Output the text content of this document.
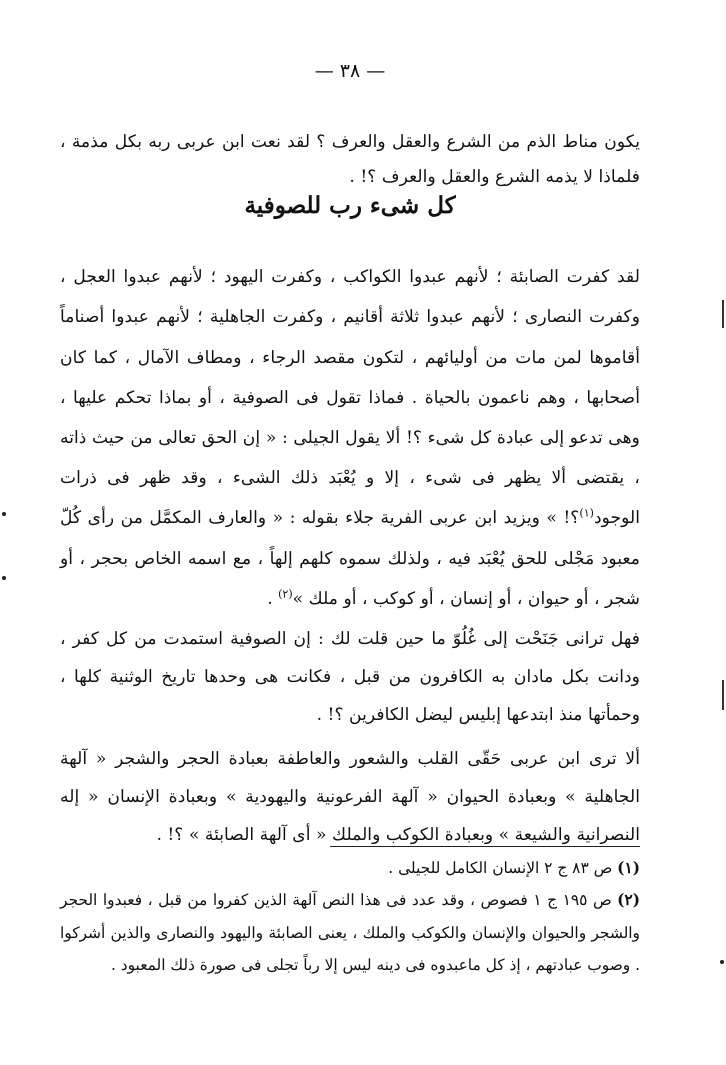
— ٣٨ —

يكون مناط الذم من الشرع والعقل والعرف ؟ لقد نعت ابن عربى ربه بكل مذمة ، فلماذا لا يذمه الشرع والعقل والعرف ؟! .

كل شىء رب للصوفية

لقد كفرت الصابئة ؛ لأنهم عبدوا الكواكب ، وكفرت اليهود ؛ لأنهم عبدوا العجل ، وكفرت النصارى ؛ لأنهم عبدوا ثلاثة أقانيم ، وكفرت الجاهلية ؛ لأنهم عبدوا أصناماً أقاموها لمن مات من أوليائهم ، لتكون مقصد الرجاء ، ومطاف الآمال ، كما كان أصحابها ، وهم ناعمون بالحياة . فماذا تقول فى الصوفية ، أو بماذا تحكم عليها ، وهى تدعو إلى عبادة كل شىء ؟! ألا يقول الجيلى : « إن الحق تعالى من حيث ذاته ، يقتضى ألا يظهر فى شىء ، إلا و يُعْبَد ذلك الشىء ، وقد ظهر فى ذرات الوجود$^{(١)}$؟! » ويزيد ابن عربى الفرية جلاء بقوله : « والعارف المكمَّل من رأى كُلّ معبود مَجْلى للحق يُعْبَد فيه ، ولذلك سموه كلهم إلهاً ، مع اسمه الخاص بحجر ، أو شجر ، أو حيوان ، أو إنسان ، أو كوكب ، أو ملك »$^{(٢)}$ .

فهل ترانى جَنَحْت إلى غُلُوّ ما حين قلت لك : إن الصوفية استمدت من كل كفر ، ودانت بكل مادان به الكافرون من قبل ، فكانت هى وحدها تاريخ الوثنية كلها ، وحمأتها منذ ابتدعها إبليس ليضل الكافرين ؟! .

ألا ترى ابن عربى حَقّى القلب والشعور والعاطفة بعبادة الحجر والشجر « آلهة الجاهلية » وبعبادة الحيوان « آلهة الفرعونية واليهودية » وبعبادة الإنسان « إله النصرانية والشيعة » وبعبادة الكوكب والملك « أى آلهة الصابئة » ؟! .

(١) ص ٨٣ ج ٢ الإنسان الكامل للجيلى .

(٢) ص ١٩٥ ج ١ فصوص ، وقد عدد فى هذا النص آلهة الذين كفروا من قبل ، فعبدوا الحجر والشجر والحيوان والإنسان والكوكب والملك ، يعنى الصابئة واليهود والنصارى والذين أشركوا . وصوب عبادتهم ، إذ كل ماعبدوه فى دينه ليس إلا رباً تجلى فى صورة ذلك المعبود .
